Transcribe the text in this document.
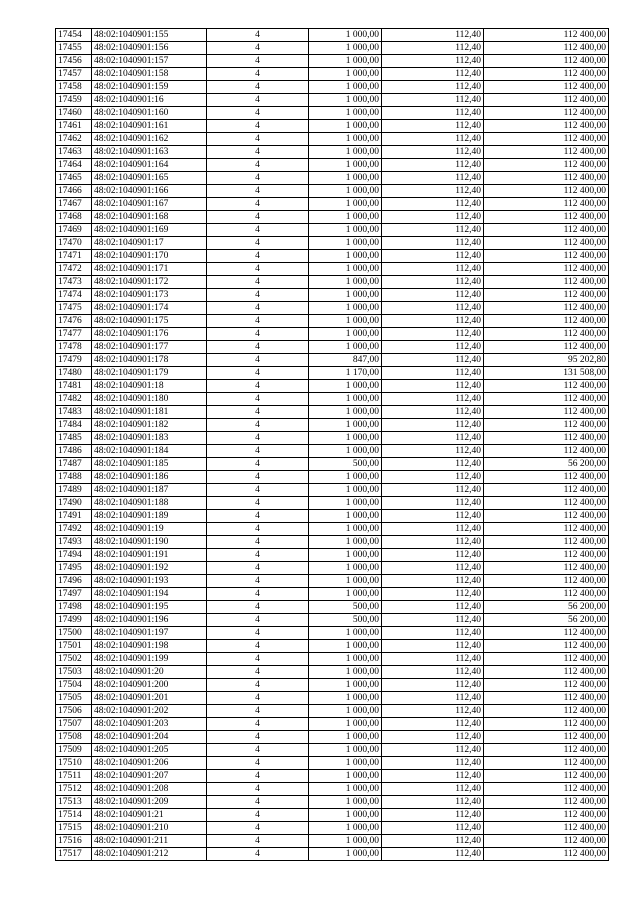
17454	48:02:1040901:155	4	1 000,00	112,40	112 400,00
17455	48:02:1040901:156	4	1 000,00	112,40	112 400,00
17456	48:02:1040901:157	4	1 000,00	112,40	112 400,00
17457	48:02:1040901:158	4	1 000,00	112,40	112 400,00
17458	48:02:1040901:159	4	1 000,00	112,40	112 400,00
17459	48:02:1040901:16	4	1 000,00	112,40	112 400,00
17460	48:02:1040901:160	4	1 000,00	112,40	112 400,00
17461	48:02:1040901:161	4	1 000,00	112,40	112 400,00
17462	48:02:1040901:162	4	1 000,00	112,40	112 400,00
17463	48:02:1040901:163	4	1 000,00	112,40	112 400,00
17464	48:02:1040901:164	4	1 000,00	112,40	112 400,00
17465	48:02:1040901:165	4	1 000,00	112,40	112 400,00
17466	48:02:1040901:166	4	1 000,00	112,40	112 400,00
17467	48:02:1040901:167	4	1 000,00	112,40	112 400,00
17468	48:02:1040901:168	4	1 000,00	112,40	112 400,00
17469	48:02:1040901:169	4	1 000,00	112,40	112 400,00
17470	48:02:1040901:17	4	1 000,00	112,40	112 400,00
17471	48:02:1040901:170	4	1 000,00	112,40	112 400,00
17472	48:02:1040901:171	4	1 000,00	112,40	112 400,00
17473	48:02:1040901:172	4	1 000,00	112,40	112 400,00
17474	48:02:1040901:173	4	1 000,00	112,40	112 400,00
17475	48:02:1040901:174	4	1 000,00	112,40	112 400,00
17476	48:02:1040901:175	4	1 000,00	112,40	112 400,00
17477	48:02:1040901:176	4	1 000,00	112,40	112 400,00
17478	48:02:1040901:177	4	1 000,00	112,40	112 400,00
17479	48:02:1040901:178	4	847,00	112,40	95 202,80
17480	48:02:1040901:179	4	1 170,00	112,40	131 508,00
17481	48:02:1040901:18	4	1 000,00	112,40	112 400,00
17482	48:02:1040901:180	4	1 000,00	112,40	112 400,00
17483	48:02:1040901:181	4	1 000,00	112,40	112 400,00
17484	48:02:1040901:182	4	1 000,00	112,40	112 400,00
17485	48:02:1040901:183	4	1 000,00	112,40	112 400,00
17486	48:02:1040901:184	4	1 000,00	112,40	112 400,00
17487	48:02:1040901:185	4	500,00	112,40	56 200,00
17488	48:02:1040901:186	4	1 000,00	112,40	112 400,00
17489	48:02:1040901:187	4	1 000,00	112,40	112 400,00
17490	48:02:1040901:188	4	1 000,00	112,40	112 400,00
17491	48:02:1040901:189	4	1 000,00	112,40	112 400,00
17492	48:02:1040901:19	4	1 000,00	112,40	112 400,00
17493	48:02:1040901:190	4	1 000,00	112,40	112 400,00
17494	48:02:1040901:191	4	1 000,00	112,40	112 400,00
17495	48:02:1040901:192	4	1 000,00	112,40	112 400,00
17496	48:02:1040901:193	4	1 000,00	112,40	112 400,00
17497	48:02:1040901:194	4	1 000,00	112,40	112 400,00
17498	48:02:1040901:195	4	500,00	112,40	56 200,00
17499	48:02:1040901:196	4	500,00	112,40	56 200,00
17500	48:02:1040901:197	4	1 000,00	112,40	112 400,00
17501	48:02:1040901:198	4	1 000,00	112,40	112 400,00
17502	48:02:1040901:199	4	1 000,00	112,40	112 400,00
17503	48:02:1040901:20	4	1 000,00	112,40	112 400,00
17504	48:02:1040901:200	4	1 000,00	112,40	112 400,00
17505	48:02:1040901:201	4	1 000,00	112,40	112 400,00
17506	48:02:1040901:202	4	1 000,00	112,40	112 400,00
17507	48:02:1040901:203	4	1 000,00	112,40	112 400,00
17508	48:02:1040901:204	4	1 000,00	112,40	112 400,00
17509	48:02:1040901:205	4	1 000,00	112,40	112 400,00
17510	48:02:1040901:206	4	1 000,00	112,40	112 400,00
17511	48:02:1040901:207	4	1 000,00	112,40	112 400,00
17512	48:02:1040901:208	4	1 000,00	112,40	112 400,00
17513	48:02:1040901:209	4	1 000,00	112,40	112 400,00
17514	48:02:1040901:21	4	1 000,00	112,40	112 400,00
17515	48:02:1040901:210	4	1 000,00	112,40	112 400,00
17516	48:02:1040901:211	4	1 000,00	112,40	112 400,00
17517	48:02:1040901:212	4	1 000,00	112,40	112 400,00
